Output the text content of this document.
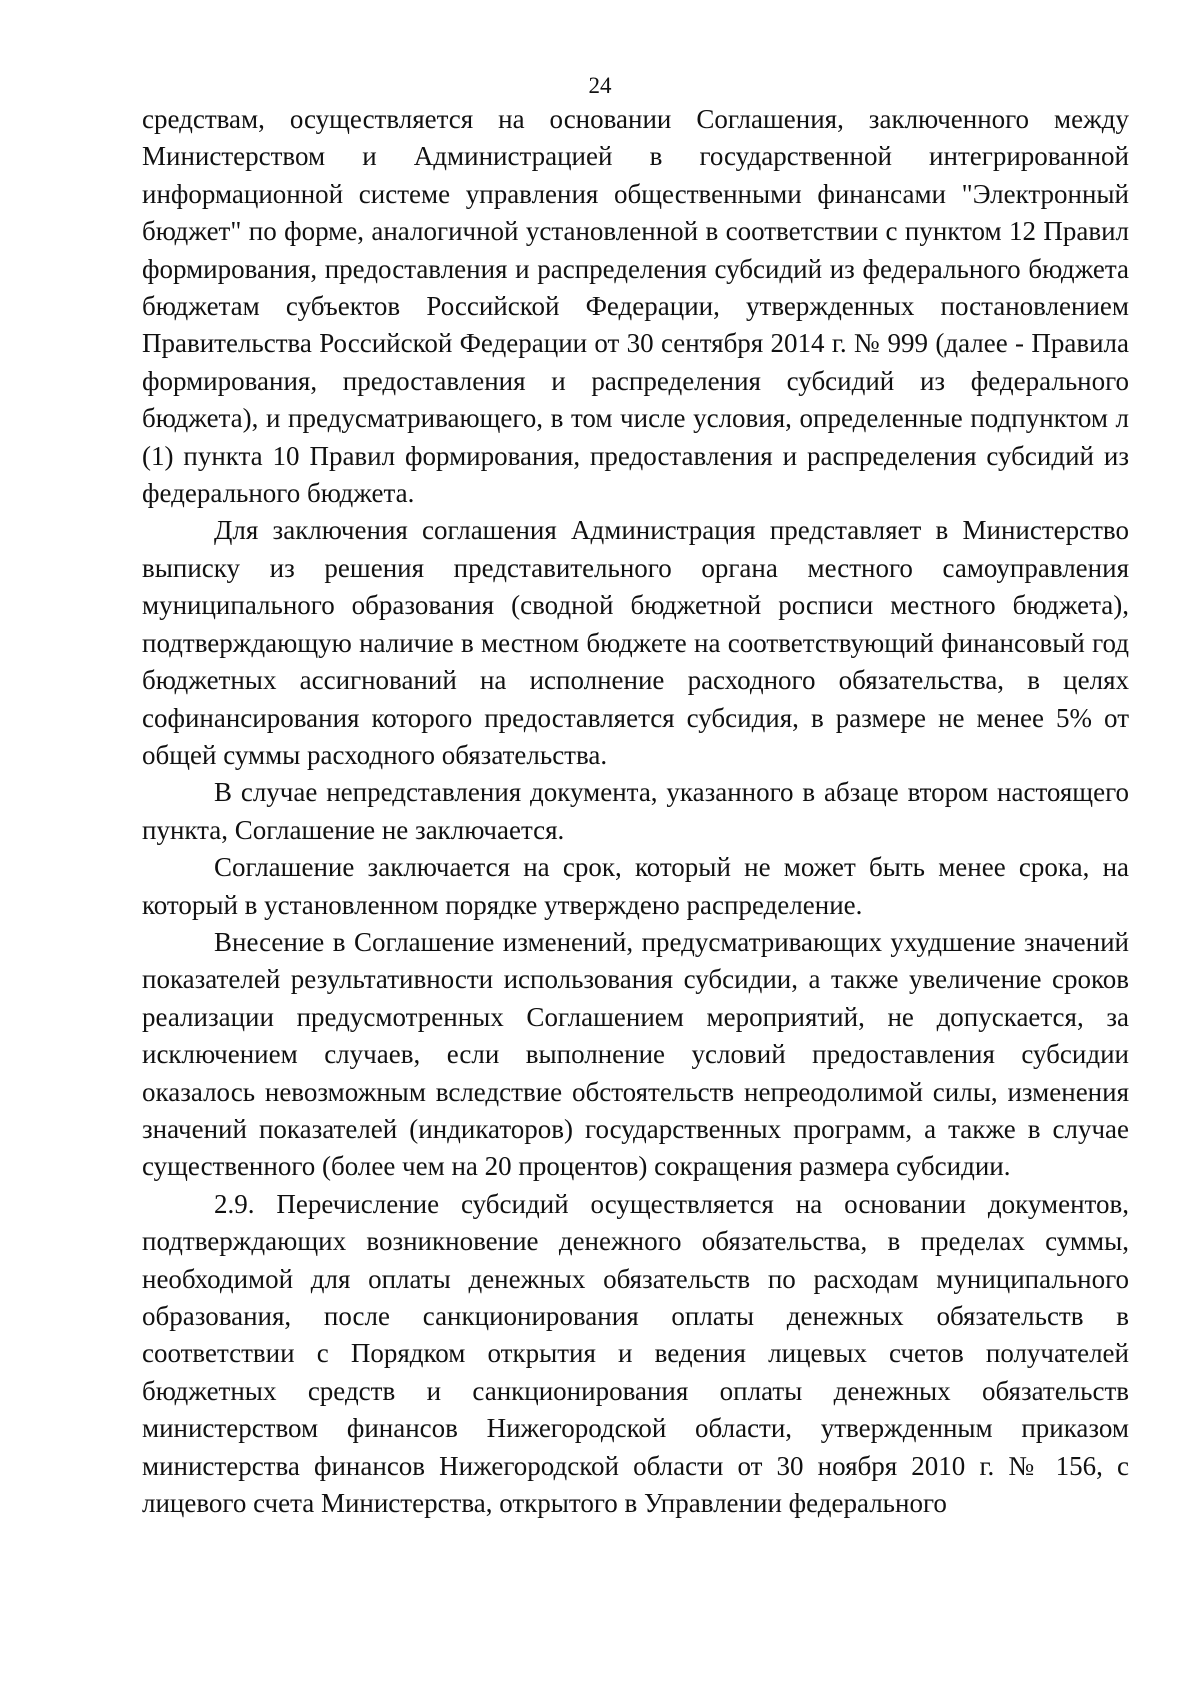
24

средствам, осуществляется на основании Соглашения, заключенного между Министерством и Администрацией в государственной интегрированной информационной системе управления общественными финансами "Электронный бюджет" по форме, аналогичной установленной в соответствии с пунктом 12 Правил формирования, предоставления и распределения субсидий из федерального бюджета бюджетам субъектов Российской Федерации, утвержденных постановлением Правительства Российской Федерации от 30 сентября 2014 г. № 999 (далее - Правила формирования, предоставления и распределения субсидий из федерального бюджета), и предусматривающего, в том числе условия, определенные подпунктом л (1) пункта 10 Правил формирования, предоставления и распределения субсидий из федерального бюджета.

Для заключения соглашения Администрация представляет в Министерство выписку из решения представительного органа местного самоуправления муниципального образования (сводной бюджетной росписи местного бюджета), подтверждающую наличие в местном бюджете на соответствующий финансовый год бюджетных ассигнований на исполнение расходного обязательства, в целях софинансирования которого предоставляется субсидия, в размере не менее 5% от общей суммы расходного обязательства.

В случае непредставления документа, указанного в абзаце втором настоящего пункта, Соглашение не заключается.

Соглашение заключается на срок, который не может быть менее срока, на который в установленном порядке утверждено распределение.

Внесение в Соглашение изменений, предусматривающих ухудшение значений показателей результативности использования субсидии, а также увеличение сроков реализации предусмотренных Соглашением мероприятий, не допускается, за исключением случаев, если выполнение условий предоставления субсидии оказалось невозможным вследствие обстоятельств непреодолимой силы, изменения значений показателей (индикаторов) государственных программ, а также в случае существенного (более чем на 20 процентов) сокращения размера субсидии.

2.9. Перечисление субсидий осуществляется на основании документов, подтверждающих возникновение денежного обязательства, в пределах суммы, необходимой для оплаты денежных обязательств по расходам муниципального образования, после санкционирования оплаты денежных обязательств в соответствии с Порядком открытия и ведения лицевых счетов получателей бюджетных средств и санкционирования оплаты денежных обязательств министерством финансов Нижегородской области, утвержденным приказом министерства финансов Нижегородской области от 30 ноября 2010 г. № 156, с лицевого счета Министерства, открытого в Управлении федерального
